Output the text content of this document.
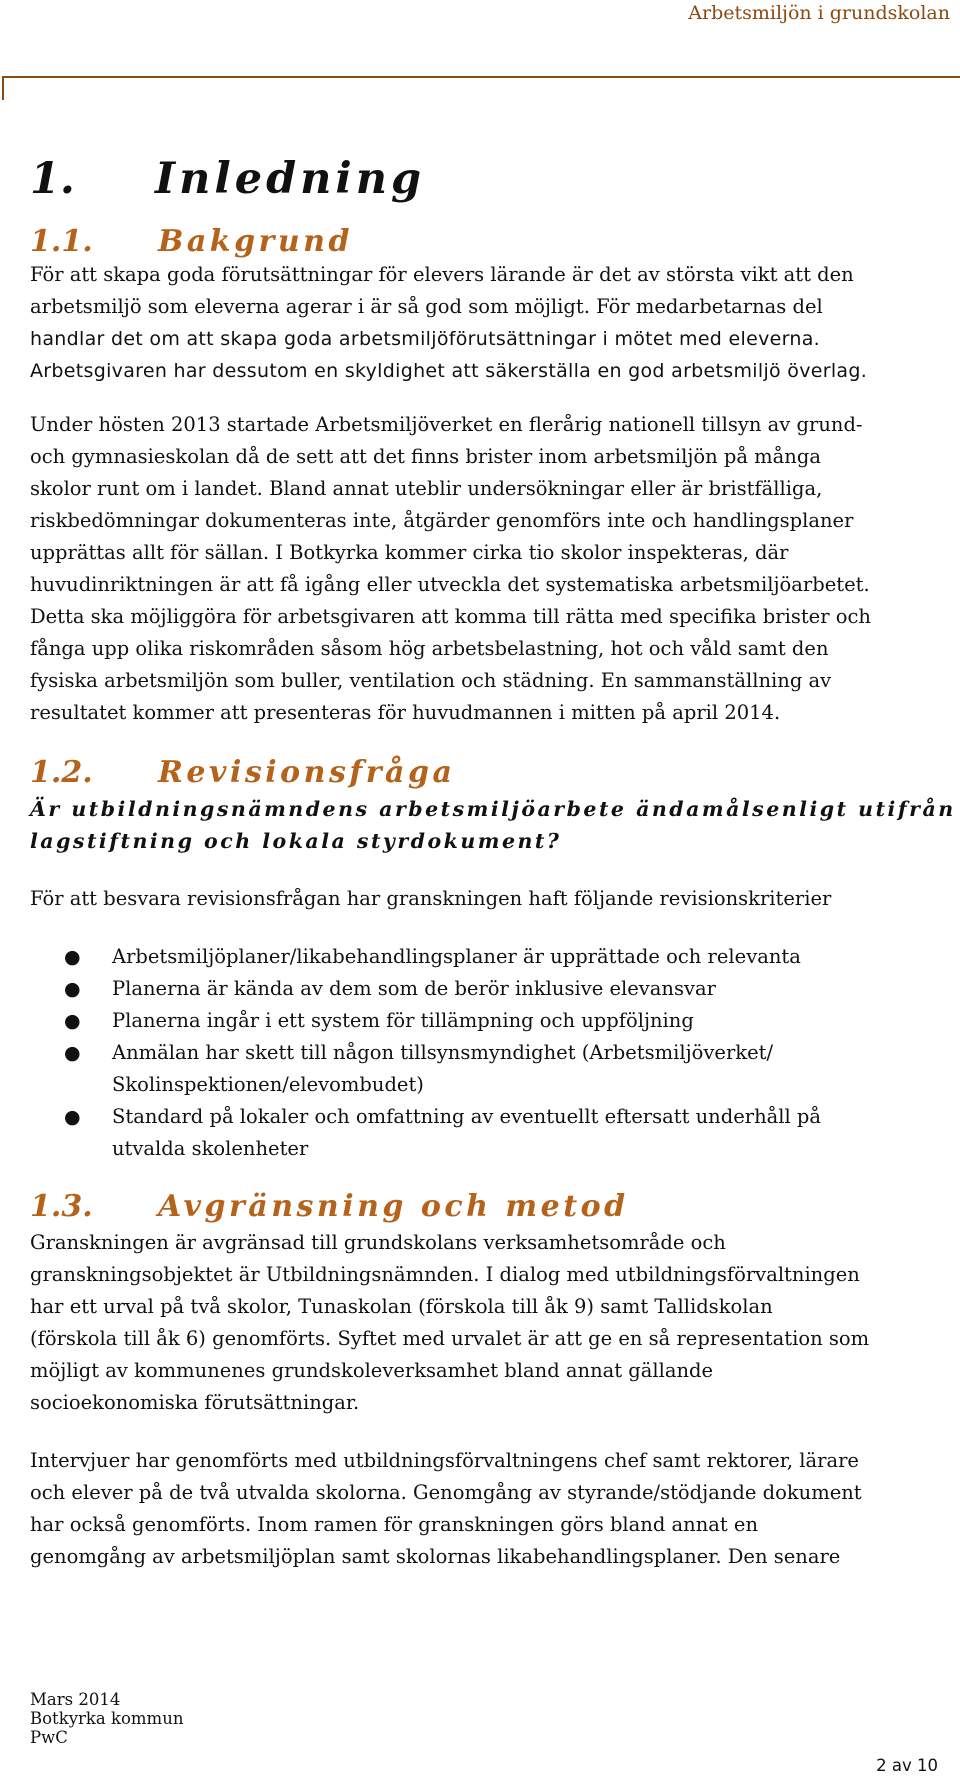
Arbetsmiljön i grundskolan
1.	Inledning
1.1.	Bakgrund

För att skapa goda förutsättningar för elevers lärande är det av största vikt att den

arbetsmiljö som eleverna agerar i är så god som möjligt. För medarbetarnas del

handlar det om att skapa goda arbetsmiljöförutsättningar i mötet med eleverna.

Arbetsgivaren har dessutom en skyldighet att säkerställa en god arbetsmiljö överlag.

Under hösten 2013 startade Arbetsmiljöverket en flerårig nationell tillsyn av grund-

och gymnasieskolan då de sett att det finns brister inom arbetsmiljön på många

skolor runt om i landet. Bland annat uteblir undersökningar eller är bristfälliga,

riskbedömningar dokumenteras inte, åtgärder genomförs inte och handlingsplaner

upprättas allt för sällan. I Botkyrka kommer cirka tio skolor inspekteras, där

huvudinriktningen är att få igång eller utveckla det systematiska arbetsmiljöarbetet.

Detta ska möjliggöra för arbetsgivaren att komma till rätta med specifika brister och

fånga upp olika riskområden såsom hög arbetsbelastning, hot och våld samt den

fysiska arbetsmiljön som buller, ventilation och städning. En sammanställning av

resultatet kommer att presenteras för huvudmannen i mitten på april 2014.

1.2.	Revisionsfråga

Är utbildningsnämndens arbetsmiljöarbete ändamålsenligt utifrån

lagstiftning och lokala styrdokument?

För att besvara revisionsfrågan har granskningen haft följande revisionskriterier

● Arbetsmiljöplaner/likabehandlingsplaner är upprättade och relevanta
● Planerna är kända av dem som de berör inklusive elevansvar
● Planerna ingår i ett system för tillämpning och uppföljning
● Anmälan har skett till någon tillsynsmyndighet (Arbetsmiljöverket/
Skolinspektionen/elevombudet)
● Standard på lokaler och omfattning av eventuellt eftersatt underhåll på
utvalda skolenheter
1.3.	Avgränsning och metod

Granskningen är avgränsad till grundskolans verksamhetsområde och

granskningsobjektet är Utbildningsnämnden. I dialog med utbildningsförvaltningen

har ett urval på två skolor, Tunaskolan (förskola till åk 9) samt Tallidskolan

(förskola till åk 6) genomförts. Syftet med urvalet är att ge en så representation som

möjligt av kommunenes grundskoleverksamhet bland annat gällande

socioekonomiska förutsättningar.

Intervjuer har genomförts med utbildningsförvaltningens chef samt rektorer, lärare

och elever på de två utvalda skolorna. Genomgång av styrande/stödjande dokument

har också genomförts. Inom ramen för granskningen görs bland annat en

genomgång av arbetsmiljöplan samt skolornas likabehandlingsplaner. Den senare

Mars 2014
Botkyrka kommun
PwC
2 av 10
